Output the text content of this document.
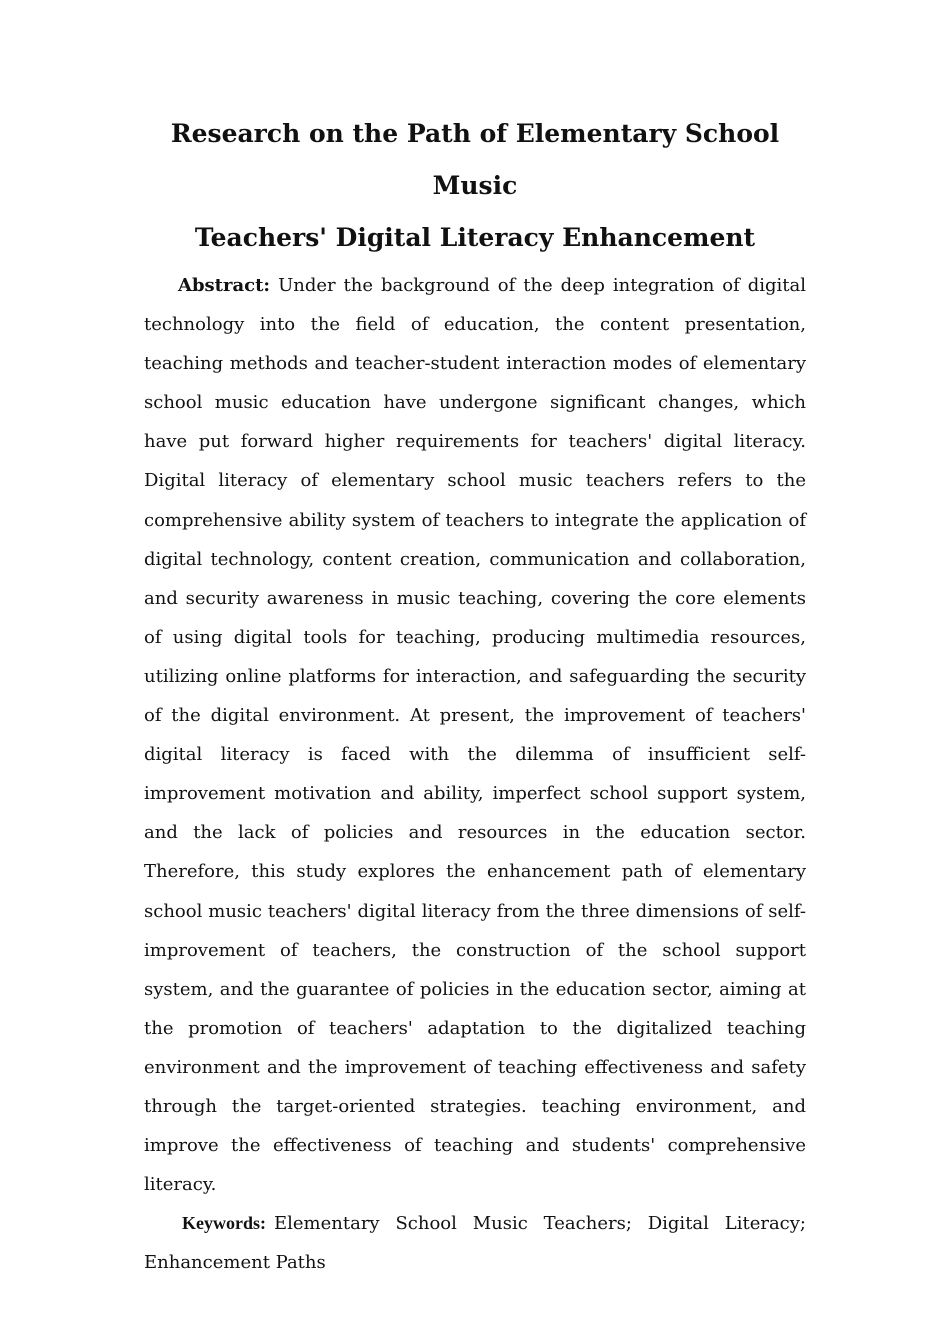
Research on the Path of Elementary School Music
Teachers' Digital Literacy Enhancement

Abstract: Under the background of the deep integration of digital technology into the field of education, the content presentation, teaching methods and teacher-student interaction modes of elementary school music education have undergone significant changes, which have put forward higher requirements for teachers' digital literacy. Digital literacy of elementary school music teachers refers to the comprehensive ability system of teachers to integrate the application of digital technology, content creation, communication and collaboration, and security awareness in music teaching, covering the core elements of using digital tools for teaching, producing multimedia resources, utilizing online platforms for interaction, and safeguarding the security of the digital environment. At present, the improvement of teachers' digital literacy is faced with the dilemma of insufficient self-improvement motivation and ability, imperfect school support system, and the lack of policies and resources in the education sector. Therefore, this study explores the enhancement path of elementary school music teachers' digital literacy from the three dimensions of self-improvement of teachers, the construction of the school support system, and the guarantee of policies in the education sector, aiming at the promotion of teachers' adaptation to the digitalized teaching environment and the improvement of teaching effectiveness and safety through the target-oriented strategies. teaching environment, and improve the effectiveness of teaching and students' comprehensive literacy.

Keywords: Elementary School Music Teachers; Digital Literacy; Enhancement Paths
